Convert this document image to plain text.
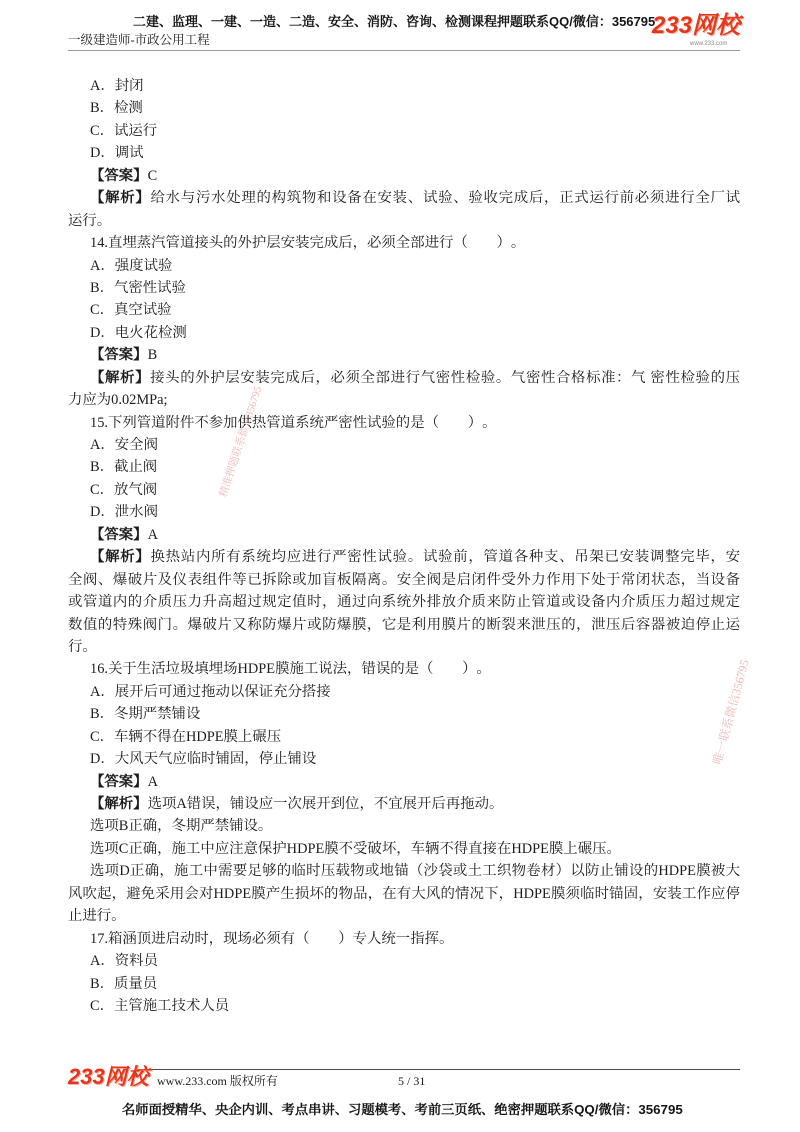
二建、监理、一建、一造、二造、安全、消防、咨询、检测课程押题联系QQ/微信：356795
一级建造师-市政公用工程
233网校
www.233.com
精准押题联系微信356795
唯一联系微信356795
A．封闭
B．检测
C．试运行
D．调试
【答案】C
【解析】给水与污水处理的构筑物和设备在安装、试验、验收完成后，正式运行前必须进行全厂试
运行。
14.直埋蒸汽管道接头的外护层安装完成后，必须全部进行（　　）。
A．强度试验
B．气密性试验
C．真空试验
D．电火花检测
【答案】B
【解析】接头的外护层安装完成后，必须全部进行气密性检验。气密性合格标准：气 密性检验的压
力应为0.02MPa;
15.下列管道附件不参加供热管道系统严密性试验的是（　　）。
A．安全阀
B．截止阀
C．放气阀
D．泄水阀
【答案】A
【解析】换热站内所有系统均应进行严密性试验。试验前，管道各种支、吊架已安装调整完毕，安
全阀、爆破片及仪表组件等已拆除或加盲板隔离。安全阀是启闭件受外力作用下处于常闭状态，当设备
或管道内的介质压力升高超过规定值时，通过向系统外排放介质来防止管道或设备内介质压力超过规定
数值的特殊阀门。爆破片又称防爆片或防爆膜，它是利用膜片的断裂来泄压的，泄压后容器被迫停止运
行。
16.关于生活垃圾填埋场HDPE膜施工说法，错误的是（　　）。
A．展开后可通过拖动以保证充分搭接
B．冬期严禁铺设
C．车辆不得在HDPE膜上碾压
D．大风天气应临时铺固，停止铺设
【答案】A
【解析】选项A错误，铺设应一次展开到位，不宜展开后再拖动。
选项B正确，冬期严禁铺设。
选项C正确，施工中应注意保护HDPE膜不受破坏，车辆不得直接在HDPE膜上碾压。
选项D正确，施工中需要足够的临时压载物或地锚（沙袋或土工织物卷材）以防止铺设的HDPE膜被大
风吹起，避免采用会对HDPE膜产生损坏的物品，在有大风的情况下，HDPE膜须临时锚固，安装工作应停
止进行。
17.箱涵顶进启动时，现场必须有（　　）专人统一指挥。
A．资料员
B．质量员
C．主管施工技术人员
233网校 www.233.com 版权所有	5 / 31
名师面授精华、央企内训、考点串讲、习题模考、考前三页纸、绝密押题联系QQ/微信：356795
